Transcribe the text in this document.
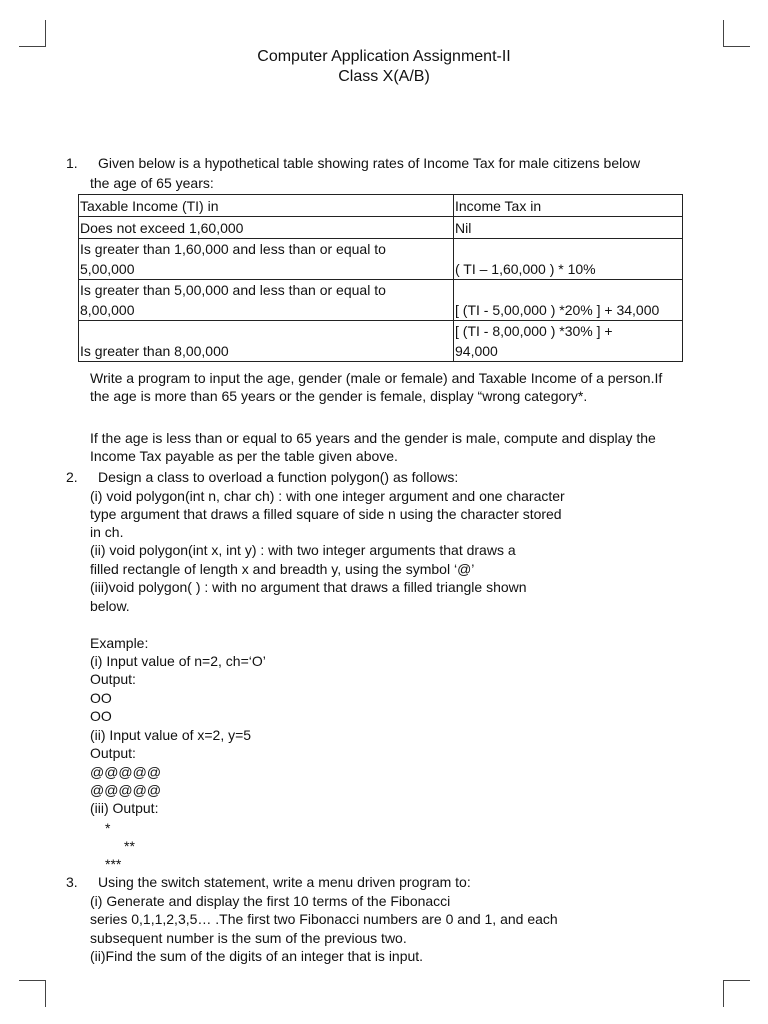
Computer Application Assignment-II
Class X(A/B)
1. Given below is a hypothetical table showing rates of Income Tax for male citizens below
the age of 65 years:
Taxable Income (TI) in	Income Tax in
Does not exceed 1,60,000	Nil
Is greater than 1,60,000 and less than or equal to
5,00,000	( TI – 1,60,000 ) * 10%
Is greater than 5,00,000 and less than or equal to
8,00,000	[ (TI - 5,00,000 ) *20% ] + 34,000
Is greater than 8,00,000	[ (TI - 8,00,000 ) *30% ] +
94,000
Write a program to input the age, gender (male or female) and Taxable Income of a person.If
the age is more than 65 years or the gender is female, display “wrong category*.
If the age is less than or equal to 65 years and the gender is male, compute and display the
Income Tax payable as per the table given above.
2. Design a class to overload a function polygon() as follows:
(i) void polygon(int n, char ch) : with one integer argument and one character
type argument that draws a filled square of side n using the character stored
in ch.
(ii) void polygon(int x, int y) : with two integer arguments that draws a
filled rectangle of length x and breadth y, using the symbol ‘@’
(iii)void polygon( ) : with no argument that draws a filled triangle shown
below.
Example:
(i) Input value of n=2, ch=‘O’
Output:
OO
OO
(ii) Input value of x=2, y=5
Output:
@@@@@
@@@@@
(iii) Output:
*
**
***
3. Using the switch statement, write a menu driven program to:
(i) Generate and display the first 10 terms of the Fibonacci
series 0,1,1,2,3,5… .The first two Fibonacci numbers are 0 and 1, and each
subsequent number is the sum of the previous two.
(ii)Find the sum of the digits of an integer that is input.
